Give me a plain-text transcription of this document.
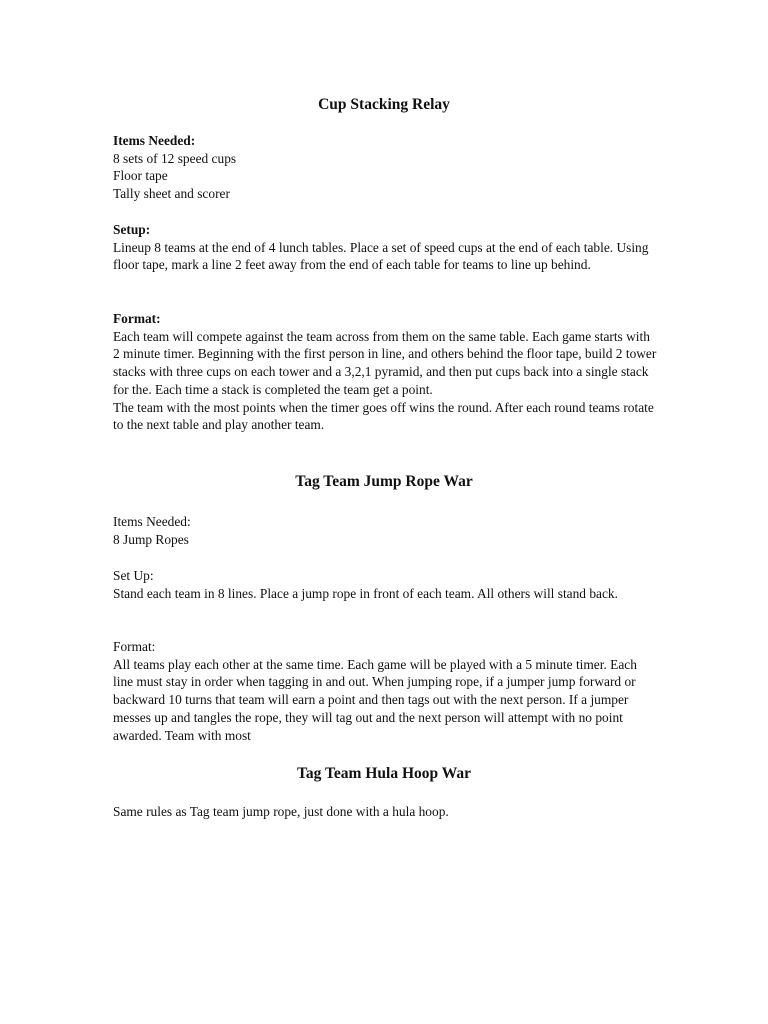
Cup Stacking Relay
Items Needed:
8 sets of 12 speed cups
Floor tape
Tally sheet and scorer
Setup:

Lineup 8 teams at the end of 4 lunch tables. Place a set of speed cups at the end of each table. Using floor tape, mark a line 2 feet away from the end of each table for teams to line up behind.

Format:

Each team will compete against the team across from them on the same table. Each game starts with 2 minute timer. Beginning with the first person in line, and others behind the floor tape, build 2 tower stacks with three cups on each tower and a 3,2,1 pyramid, and then put cups back into a single stack for the. Each time a stack is completed the team get a point.

The team with the most points when the timer goes off wins the round. After each round teams rotate to the next table and play another team.

Tag Team Jump Rope War
Items Needed:
8 Jump Ropes
Set Up:

Stand each team in 8 lines. Place a jump rope in front of each team. All others will stand back.

Format:

All teams play each other at the same time. Each game will be played with a 5 minute timer. Each line must stay in order when tagging in and out. When jumping rope, if a jumper jump forward or backward 10 turns that team will earn a point and then tags out with the next person. If a jumper messes up and tangles the rope, they will tag out and the next person will attempt with no point awarded. Team with most

Tag Team Hula Hoop War

Same rules as Tag team jump rope, just done with a hula hoop.
